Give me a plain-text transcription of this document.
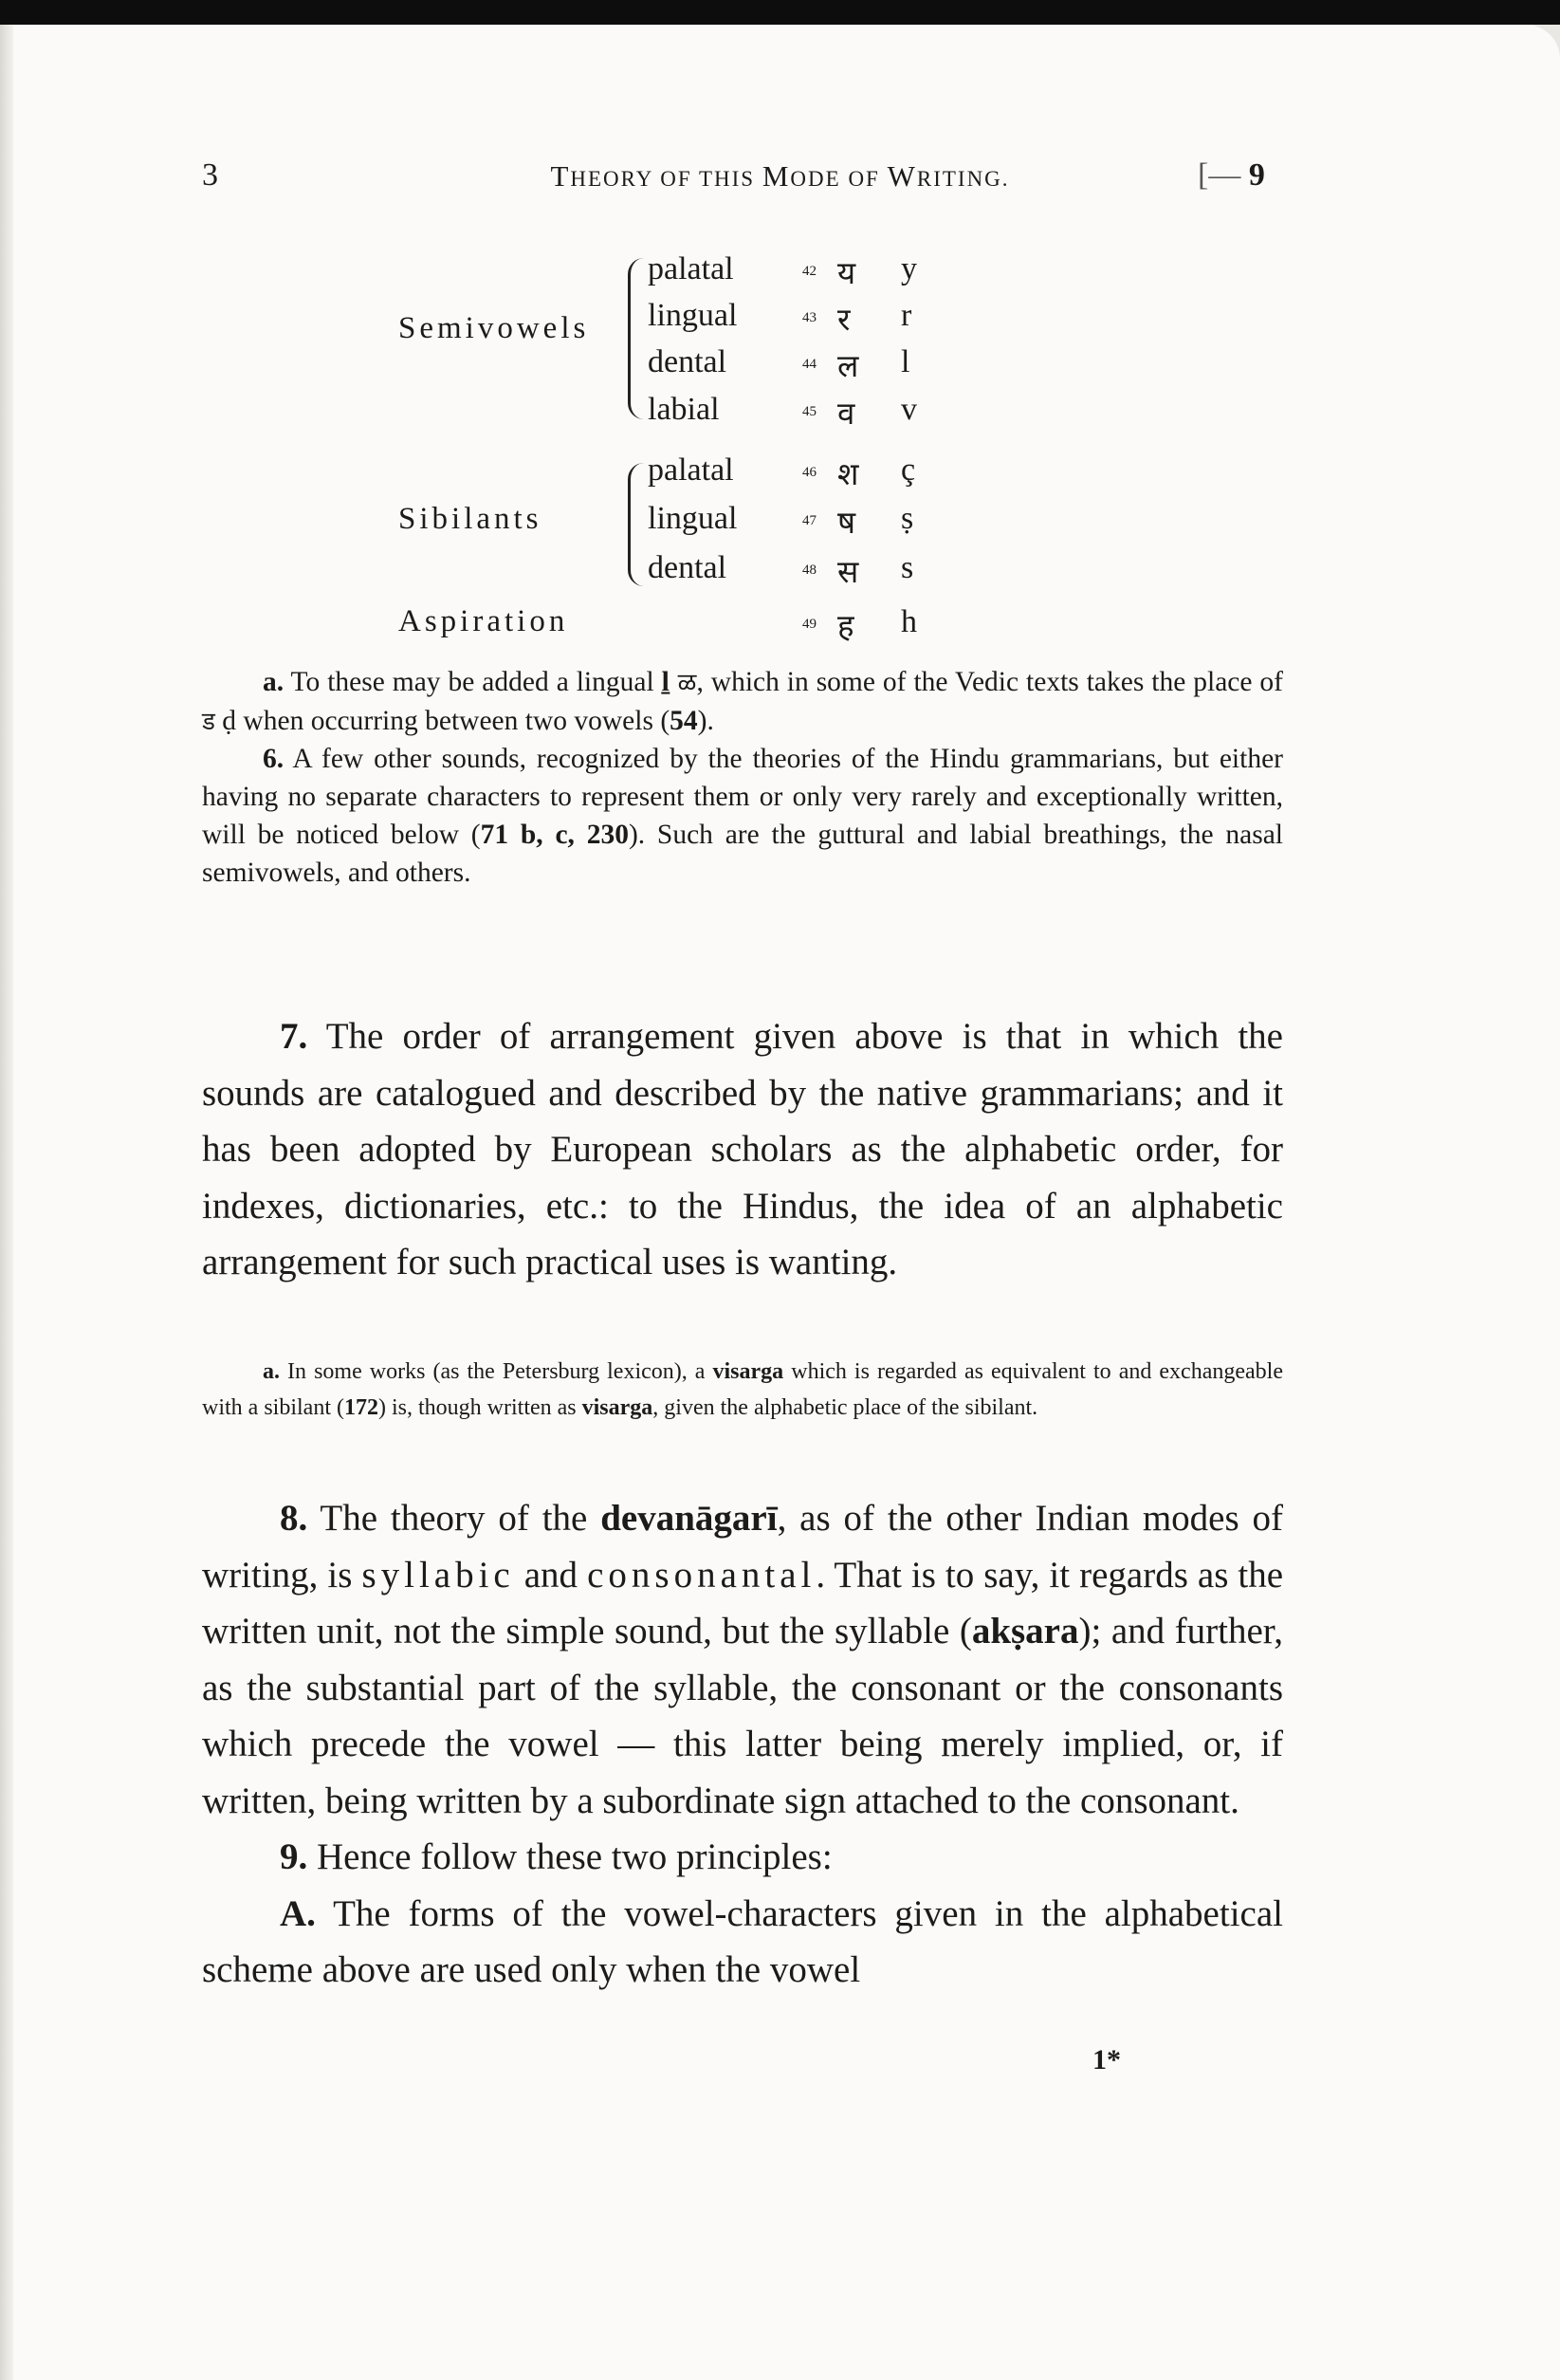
3	THEORY OF THIS MODE OF WRITING.	[— 9
Semivowels
palatal	42 य y
lingual	43 र r
dental	44 ल l
labial	45 व v
Sibilants
palatal	46 श ç
lingual	47 ष ṣ
dental	48 स s
Aspiration	49 ह h

a. To these may be added a lingual ḻ ळ, which in some of the Vedic texts takes the place of ड ḍ when occurring between two vowels (54).

6. A few other sounds, recognized by the theories of the Hindu grammarians, but either having no separate characters to represent them or only very rarely and exceptionally written, will be noticed below (71 b, c, 230). Such are the guttural and labial breathings, the nasal semivowels, and others.

7. The order of arrangement given above is that in which the sounds are catalogued and described by the native grammarians; and it has been adopted by European scholars as the alphabetic order, for indexes, dictionaries, etc.: to the Hindus, the idea of an alphabetic arrangement for such practical uses is wanting.

a. In some works (as the Petersburg lexicon), a visarga which is regarded as equivalent to and exchangeable with a sibilant (172) is, though written as visarga, given the alphabetic place of the sibilant.

8. The theory of the devanāgarī, as of the other Indian modes of writing, is syllabic and consonantal. That is to say, it regards as the written unit, not the simple sound, but the syllable (akṣara); and further, as the substantial part of the syllable, the consonant or the consonants which precede the vowel — this latter being merely implied, or, if written, being written by a subordinate sign attached to the consonant.

9. Hence follow these two principles:

A. The forms of the vowel-characters given in the alphabetical scheme above are used only when the vowel

1*
